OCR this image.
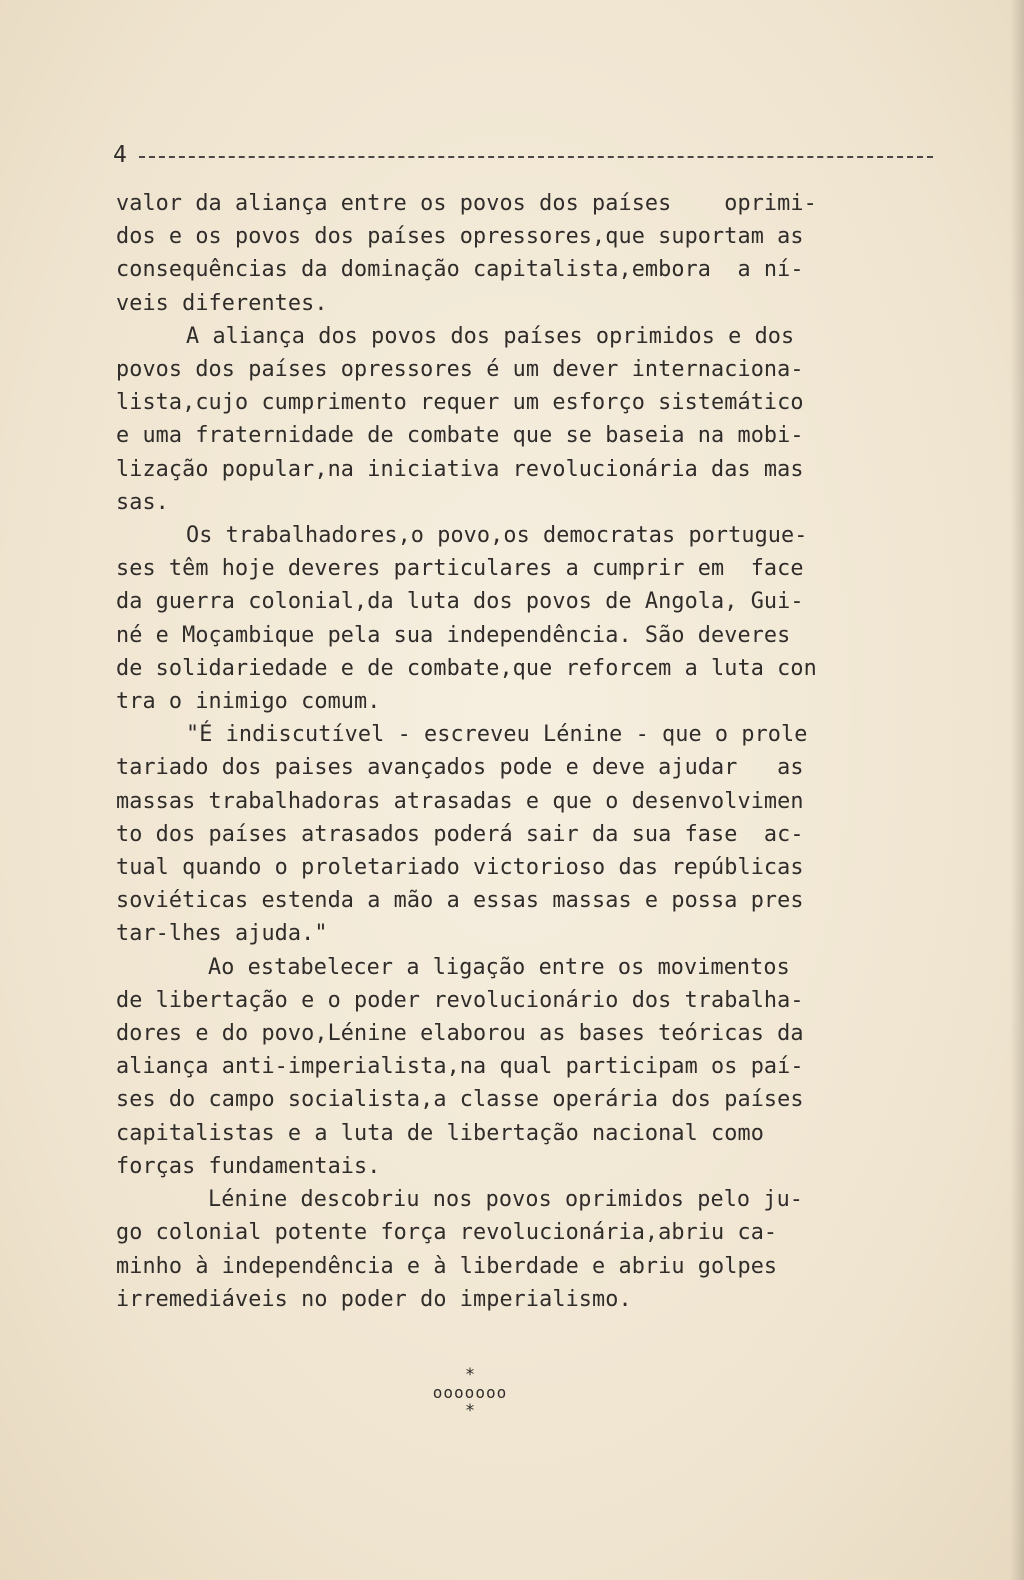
4
valor da aliança entre os povos dos países    oprimi-
dos e os povos dos países opressores,que suportam as
consequências da dominação capitalista,embora  a ní-
veis diferentes.
A aliança dos povos dos países oprimidos e dos
povos dos países opressores é um dever internaciona-
lista,cujo cumprimento requer um esforço sistemático
e uma fraternidade de combate que se baseia na mobi-
lização popular,na iniciativa revolucionária das mas
sas.
Os trabalhadores,o povo,os democratas portugue-
ses têm hoje deveres particulares a cumprir em  face
da guerra colonial,da luta dos povos de Angola, Gui-
né e Moçambique pela sua independência. São deveres
de solidariedade e de combate,que reforcem a luta con
tra o inimigo comum.
"É indiscutível - escreveu Lénine - que o prole
tariado dos paises avançados pode e deve ajudar   as
massas trabalhadoras atrasadas e que o desenvolvimen
to dos países atrasados poderá sair da sua fase  ac-
tual quando o proletariado victorioso das repúblicas
soviéticas estenda a mão a essas massas e possa pres
tar-lhes ajuda."
Ao estabelecer a ligação entre os movimentos
de libertação e o poder revolucionário dos trabalha-
dores e do povo,Lénine elaborou as bases teóricas da
aliança anti-imperialista,na qual participam os paí-
ses do campo socialista,a classe operária dos países
capitalistas e a luta de libertação nacional como
forças fundamentais.
Lénine descobriu nos povos oprimidos pelo ju-
go colonial potente força revolucionária,abriu ca-
minho à independência e à liberdade e abriu golpes
irremediáveis no poder do imperialismo.
*
ooooooo
*
